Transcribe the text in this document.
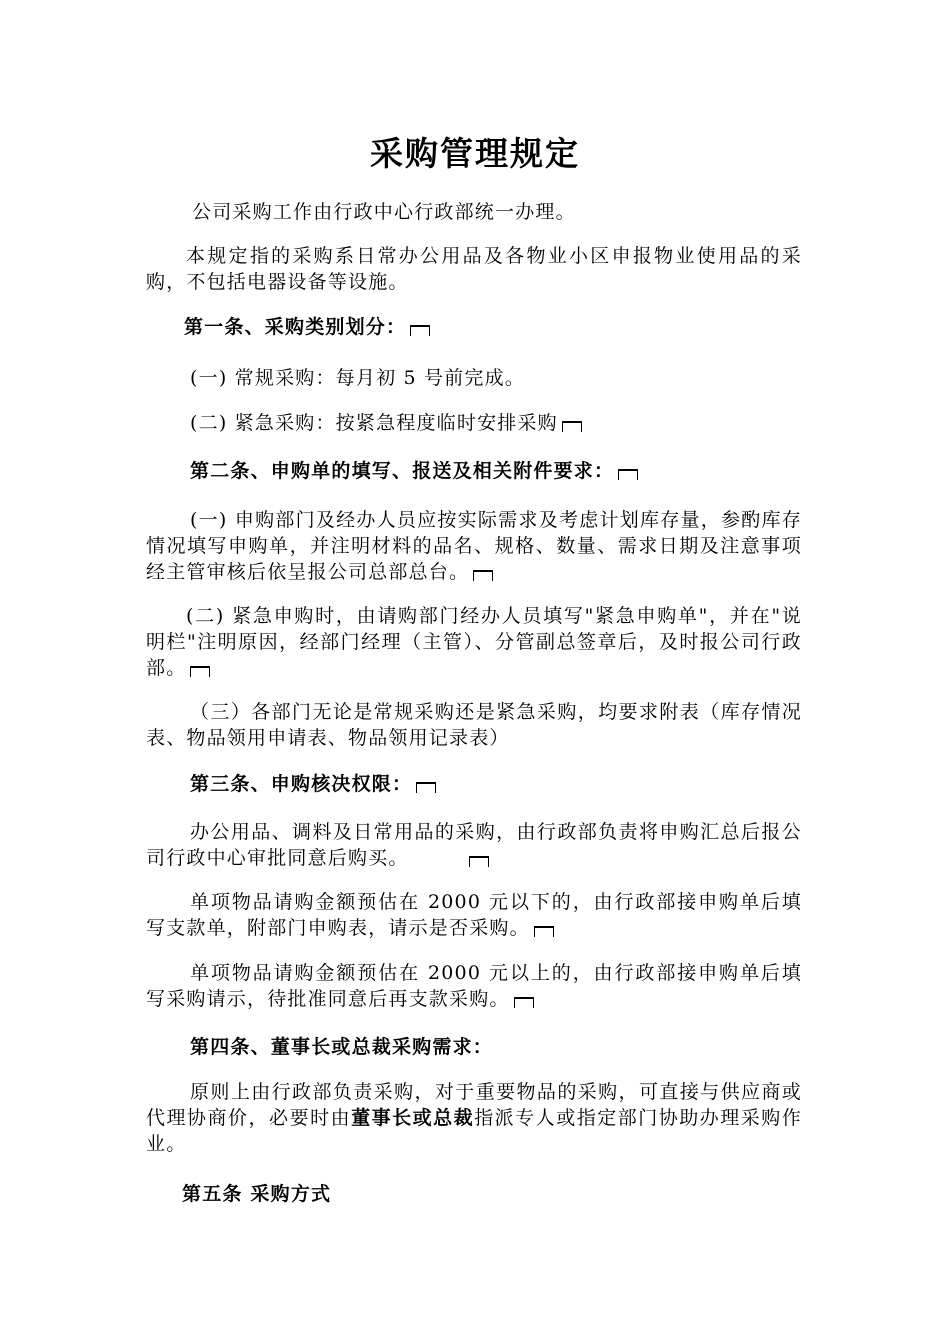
采购管理规定

公司采购工作由行政中心行政部统一办理。

本规定指的采购系日常办公用品及各物业小区申报物业使用品的采购，不包括电器设备等设施。

第一条、采购类别划分：

(一) 常规采购：每月初 5 号前完成。

(二) 紧急采购：按紧急程度临时安排采购

第二条、申购单的填写、报送及相关附件要求：

(一) 申购部门及经办人员应按实际需求及考虑计划库存量，参酌库存情况填写申购单，并注明材料的品名、规格、数量、需求日期及注意事项经主管审核后依呈报公司总部总台。

(二) 紧急申购时，由请购部门经办人员填写"紧急申购单"，并在"说明栏"注明原因，经部门经理（主管）、分管副总签章后，及时报公司行政部。

（三）各部门无论是常规采购还是紧急采购，均要求附表（库存情况表、物品领用申请表、物品领用记录表）

第三条、申购核决权限：

办公用品、调料及日常用品的采购，由行政部负责将申购汇总后报公司行政中心审批同意后购买。

单项物品请购金额预估在 2000 元以下的，由行政部接申购单后填写支款单，附部门申购表，请示是否采购。

单项物品请购金额预估在 2000 元以上的，由行政部接申购单后填写采购请示，待批准同意后再支款采购。

第四条、董事长或总裁采购需求：

原则上由行政部负责采购，对于重要物品的采购，可直接与供应商或代理协商价，必要时由董事长或总裁指派专人或指定部门协助办理采购作业。

第五条 采购方式
